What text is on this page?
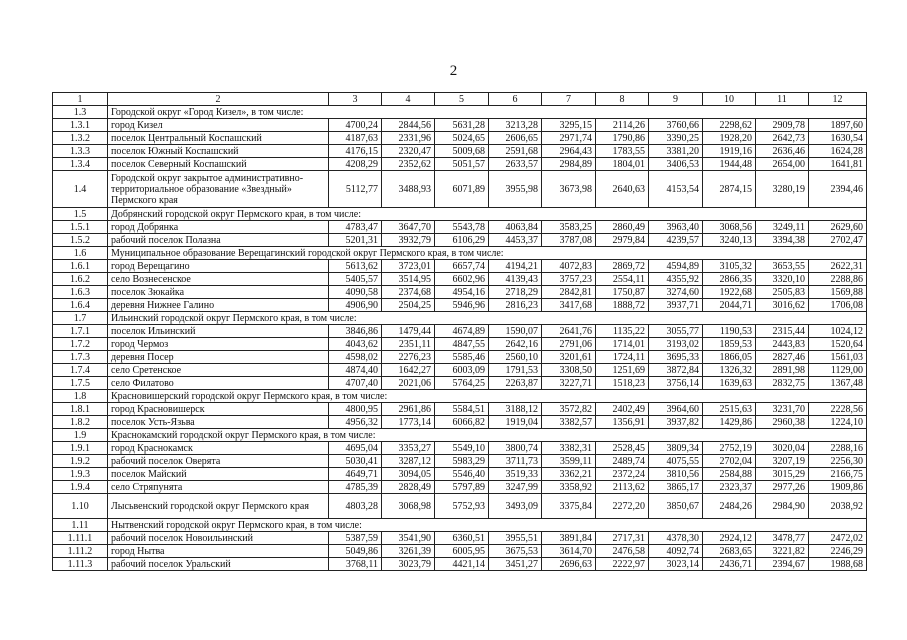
2
1	2	3	4	5	6	7	8	9	10	11	12
1.3	Городской округ «Город Кизел», в том числе:										
1.3.1	город Кизел	4700,24	2844,56	5631,28	3213,28	3295,15	2114,26	3760,66	2298,62	2909,78	1897,60
1.3.2	поселок Центральный Коспашский	4187,63	2331,96	5024,65	2606,65	2971,74	1790,86	3390,25	1928,20	2642,73	1630,54
1.3.3	поселок Южный Коспашский	4176,15	2320,47	5009,68	2591,68	2964,43	1783,55	3381,20	1919,16	2636,46	1624,28
1.3.4	поселок Северный Коспашский	4208,29	2352,62	5051,57	2633,57	2984,89	1804,01	3406,53	1944,48	2654,00	1641,81
1.4	Городской округ закрытое административно-территориальное образование «Звездный» Пермского края	5112,77	3488,93	6071,89	3955,98	3673,98	2640,63	4153,54	2874,15	3280,19	2394,46
1.5	Добрянский городской округ Пермского края, в том числе:										
1.5.1	город Добрянка	4783,47	3647,70	5543,78	4063,84	3583,25	2860,49	3963,40	3068,56	3249,11	2629,60
1.5.2	рабочий поселок Полазна	5201,31	3932,79	6106,29	4453,37	3787,08	2979,84	4239,57	3240,13	3394,38	2702,47
1.6	Муниципальное образование Верещагинский городской округ Пермского края, в том числе:										
1.6.1	город Верещагино	5613,62	3723,01	6657,74	4194,21	4072,83	2869,72	4594,89	3105,32	3653,55	2622,31
1.6.2	село Вознесенское	5405,57	3514,95	6602,96	4139,43	3757,23	2554,11	4355,92	2866,35	3320,10	2288,86
1.6.3	поселок Зюкайка	4090,58	2374,68	4954,16	2718,29	2842,81	1750,87	3274,60	1922,68	2505,83	1569,88
1.6.4	деревня Нижнее Галино	4906,90	2504,25	5946,96	2816,23	3417,68	1888,72	3937,71	2044,71	3016,62	1706,08
1.7	Ильинский городской округ Пермского края, в том числе:										
1.7.1	поселок Ильинский	3846,86	1479,44	4674,89	1590,07	2641,76	1135,22	3055,77	1190,53	2315,44	1024,12
1.7.2	город Чермоз	4043,62	2351,11	4847,55	2642,16	2791,06	1714,01	3193,02	1859,53	2443,83	1520,64
1.7.3	деревня Посер	4598,02	2276,23	5585,46	2560,10	3201,61	1724,11	3695,33	1866,05	2827,46	1561,03
1.7.4	село Сретенское	4874,40	1642,27	6003,09	1791,53	3308,50	1251,69	3872,84	1326,32	2891,98	1129,00
1.7.5	село Филатово	4707,40	2021,06	5764,25	2263,87	3227,71	1518,23	3756,14	1639,63	2832,75	1367,48
1.8	Красновишерский городской округ Пермского края, в том числе:										
1.8.1	город Красновишерск	4800,95	2961,86	5584,51	3188,12	3572,82	2402,49	3964,60	2515,63	3231,70	2228,56
1.8.2	поселок Усть-Язьва	4956,32	1773,14	6066,82	1919,04	3382,57	1356,91	3937,82	1429,86	2960,38	1224,10
1.9	Краснокамский городской округ Пермского края, в том числе:										
1.9.1	город Краснокамск	4695,04	3353,27	5549,10	3800,74	3382,31	2528,45	3809,34	2752,19	3020,04	2288,16
1.9.2	рабочий поселок Оверята	5030,41	3287,12	5983,29	3711,73	3599,11	2489,74	4075,55	2702,04	3207,19	2256,30
1.9.3	поселок Майский	4649,71	3094,05	5546,40	3519,33	3362,21	2372,24	3810,56	2584,88	3015,29	2166,75
1.9.4	село Стряпунята	4785,39	2828,49	5797,89	3247,99	3358,92	2113,62	3865,17	2323,37	2977,26	1909,86
1.10	Лысьвенский городской округ Пермского края	4803,28	3068,98	5752,93	3493,09	3375,84	2272,20	3850,67	2484,26	2984,90	2038,92
1.11	Нытвенский городской округ Пермского края, в том числе:										
1.11.1	рабочий поселок Новоильинский	5387,59	3541,90	6360,51	3955,51	3891,84	2717,31	4378,30	2924,12	3478,77	2472,02
1.11.2	город Нытва	5049,86	3261,39	6005,95	3675,53	3614,70	2476,58	4092,74	2683,65	3221,82	2246,29
1.11.3	рабочий поселок Уральский	3768,11	3023,79	4421,14	3451,27	2696,63	2222,97	3023,14	2436,71	2394,67	1988,68
